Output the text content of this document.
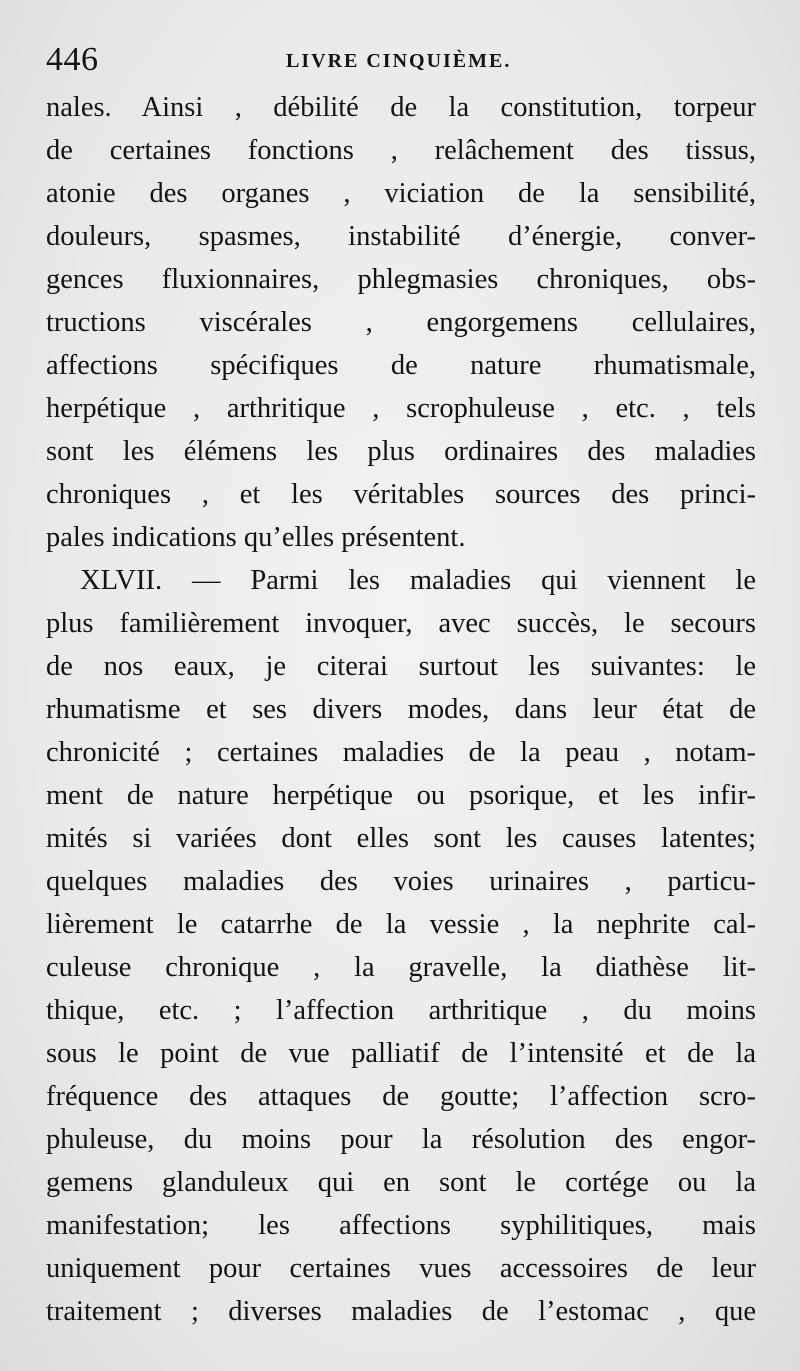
446	LIVRE CINQUIÈME.
nales. Ainsi , débilité de la constitution, torpeur
de certaines fonctions , relâchement des tissus,
atonie des organes , viciation de la sensibilité,
douleurs, spasmes, instabilité d’énergie, conver-
gences fluxionnaires, phlegmasies chroniques, obs-
tructions viscérales , engorgemens cellulaires,
affections spécifiques de nature rhumatismale,
herpétique , arthritique , scrophuleuse , etc. , tels
sont les élémens les plus ordinaires des maladies
chroniques , et les véritables sources des princi-
pales indications qu’elles présentent.
XLVII. — Parmi les maladies qui viennent le
plus familièrement invoquer, avec succès, le secours
de nos eaux, je citerai surtout les suivantes: le
rhumatisme et ses divers modes, dans leur état de
chronicité ; certaines maladies de la peau , notam-
ment de nature herpétique ou psorique, et les infir-
mités si variées dont elles sont les causes latentes;
quelques maladies des voies urinaires , particu-
lièrement le catarrhe de la vessie , la nephrite cal-
culeuse chronique , la gravelle, la diathèse lit-
thique, etc. ; l’affection arthritique , du moins
sous le point de vue palliatif de l’intensité et de la
fréquence des attaques de goutte; l’affection scro-
phuleuse, du moins pour la résolution des engor-
gemens glanduleux qui en sont le cortége ou la
manifestation; les affections syphilitiques, mais
uniquement pour certaines vues accessoires de leur
traitement ; diverses maladies de l’estomac , que
